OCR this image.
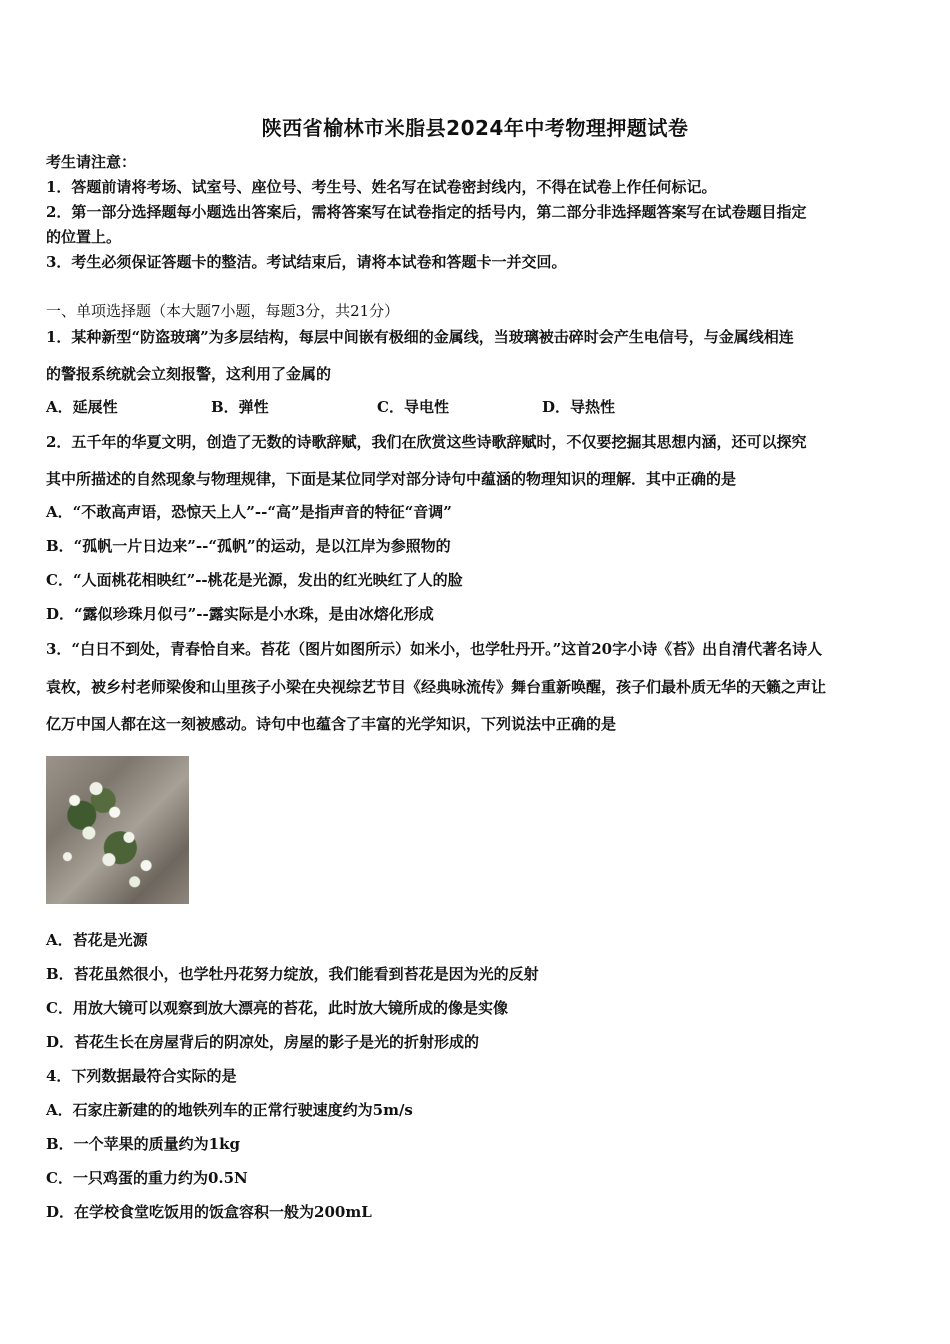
陕西省榆林市米脂县2024年中考物理押题试卷
考生请注意：
1．答题前请将考场、试室号、座位号、考生号、姓名写在试卷密封线内，不得在试卷上作任何标记。
2．第一部分选择题每小题选出答案后，需将答案写在试卷指定的括号内，第二部分非选择题答案写在试卷题目指定
的位置上。
3．考生必须保证答题卡的整洁。考试结束后，请将本试卷和答题卡一并交回。
一、单项选择题（本大题7小题，每题3分，共21分）
1．某种新型“防盗玻璃”为多层结构，每层中间嵌有极细的金属线，当玻璃被击碎时会产生电信号，与金属线相连
的警报系统就会立刻报警，这利用了金属的
A．延展性	B．弹性	C．导电性	D．导热性
2．五千年的华夏文明，创造了无数的诗歌辞赋，我们在欣赏这些诗歌辞赋时，不仅要挖掘其思想内涵，还可以探究
其中所描述的自然现象与物理规律，下面是某位同学对部分诗句中蕴涵的物理知识的理解．其中正确的是
A．“不敢高声语，恐惊天上人”--“高”是指声音的特征“音调”
B．“孤帆一片日边来”--“孤帆”的运动，是以江岸为参照物的
C．“人面桃花相映红”--桃花是光源，发出的红光映红了人的脸
D．“露似珍珠月似弓”--露实际是小水珠，是由冰熔化形成
3．“白日不到处，青春恰自来。苔花（图片如图所示）如米小，也学牡丹开。”这首20字小诗《苔》出自清代著名诗人
袁枚，被乡村老师梁俊和山里孩子小梁在央视综艺节目《经典咏流传》舞台重新唤醒，孩子们最朴质无华的天籁之声让
亿万中国人都在这一刻被感动。诗句中也蕴含了丰富的光学知识，下列说法中正确的是
A．苔花是光源
B．苔花虽然很小，也学牡丹花努力绽放，我们能看到苔花是因为光的反射
C．用放大镜可以观察到放大漂亮的苔花，此时放大镜所成的像是实像
D．苔花生长在房屋背后的阴凉处，房屋的影子是光的折射形成的
4．下列数据最符合实际的是
A．石家庄新建的的地铁列车的正常行驶速度约为5m/s
B．一个苹果的质量约为1kg
C．一只鸡蛋的重力约为0.5N
D．在学校食堂吃饭用的饭盒容积一般为200mL
